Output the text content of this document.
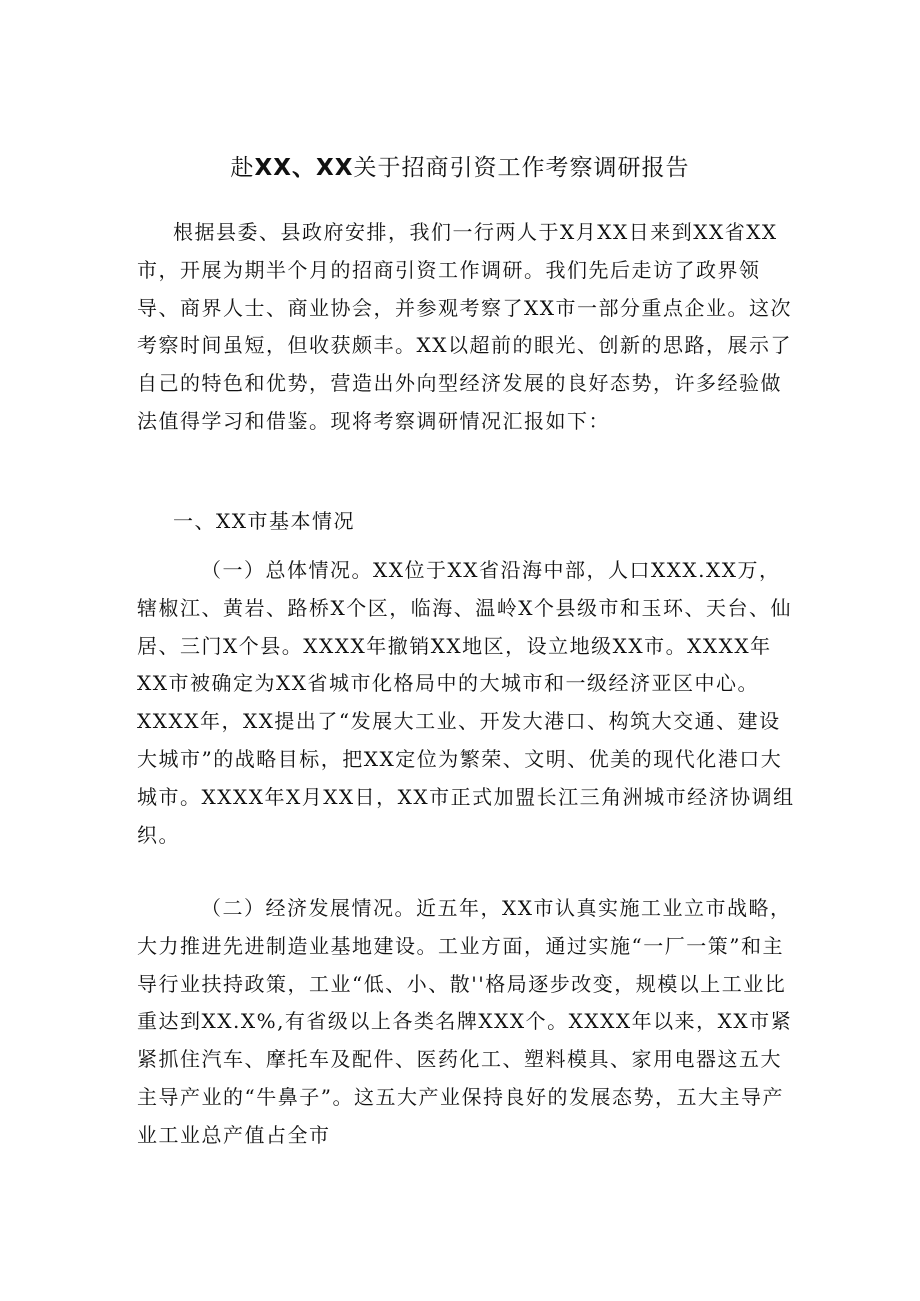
赴XX、XX关于招商引资工作考察调研报告

根据县委、县政府安排，我们一行两人于X月XX日来到XX省XX市，开展为期半个月的招商引资工作调研。我们先后走访了政界领导、商界人士、商业协会，并参观考察了XX市一部分重点企业。这次考察时间虽短，但收获颇丰。XX以超前的眼光、创新的思路，展示了自己的特色和优势，营造出外向型经济发展的良好态势，许多经验做法值得学习和借鉴。现将考察调研情况汇报如下：

一、XX市基本情况

（一）总体情况。XX位于XX省沿海中部，人口XXX.XX万，辖椒江、黄岩、路桥X个区，临海、温岭X个县级市和玉环、天台、仙居、三门X个县。XXXX年撤销XX地区，设立地级XX市。XXXX年XX市被确定为XX省城市化格局中的大城市和一级经济亚区中心。XXXX年，XX提出了“发展大工业、开发大港口、构筑大交通、建设大城市”的战略目标，把XX定位为繁荣、文明、优美的现代化港口大城市。XXXX年X月XX日，XX市正式加盟长江三角洲城市经济协调组织。

（二）经济发展情况。近五年，XX市认真实施工业立市战略，大力推进先进制造业基地建设。工业方面，通过实施“一厂一策”和主导行业扶持政策，工业“低、小、散''格局逐步改变，规模以上工业比重达到XX.X%,有省级以上各类名牌XXX个。XXXX年以来，XX市紧紧抓住汽车、摩托车及配件、医药化工、塑料模具、家用电器这五大主导产业的“牛鼻子”。这五大产业保持良好的发展态势，五大主导产业工业总产值占全市
